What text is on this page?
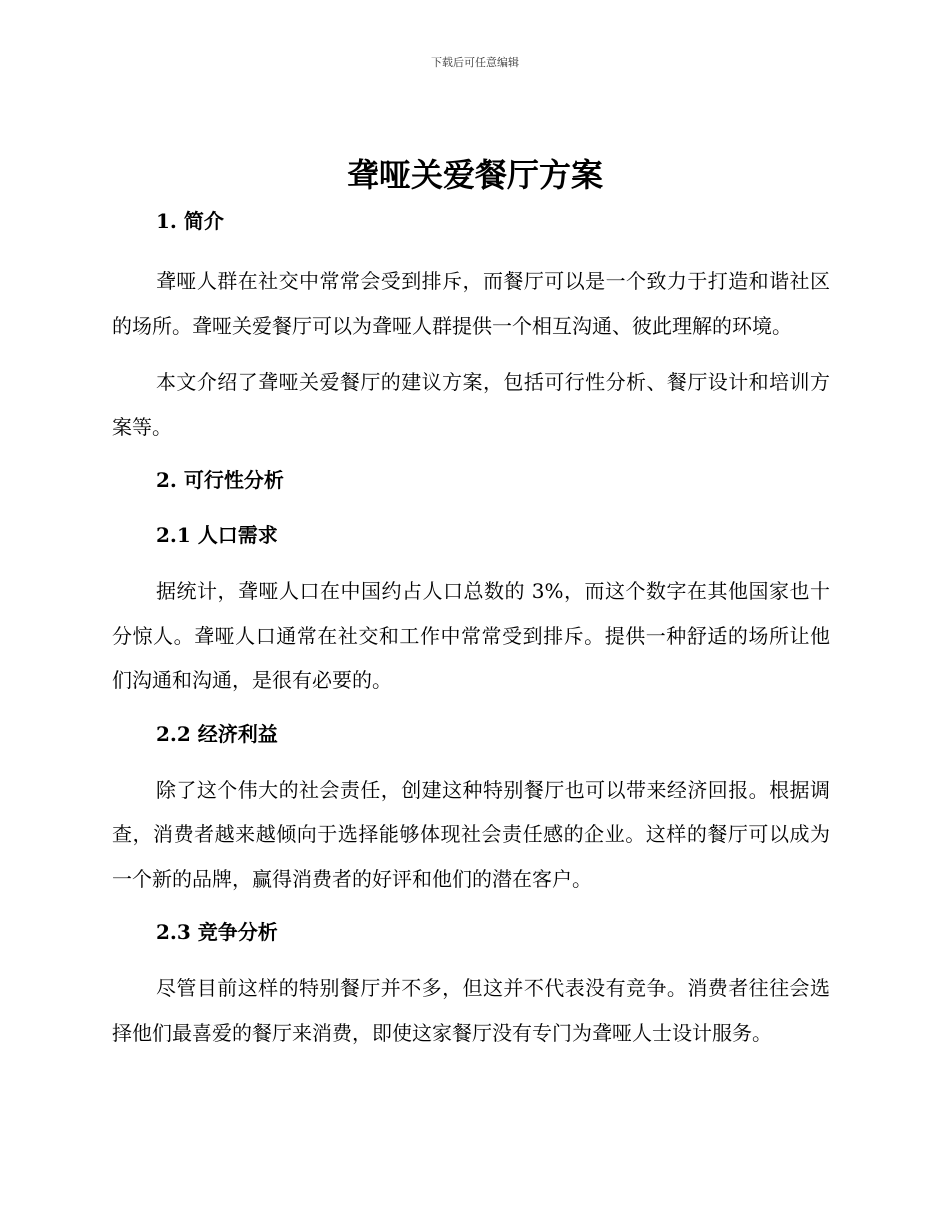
下载后可任意编辑
聋哑关爱餐厅方案
1. 简介

聋哑人群在社交中常常会受到排斥，而餐厅可以是一个致力于打造和谐社区的场所。聋哑关爱餐厅可以为聋哑人群提供一个相互沟通、彼此理解的环境。

本文介绍了聋哑关爱餐厅的建议方案，包括可行性分析、餐厅设计和培训方案等。

2. 可行性分析
2.1 人口需求

据统计，聋哑人口在中国约占人口总数的 3%，而这个数字在其他国家也十分惊人。聋哑人口通常在社交和工作中常常受到排斥。提供一种舒适的场所让他们沟通和沟通，是很有必要的。

2.2 经济利益

除了这个伟大的社会责任，创建这种特别餐厅也可以带来经济回报。根据调查，消费者越来越倾向于选择能够体现社会责任感的企业。这样的餐厅可以成为一个新的品牌，赢得消费者的好评和他们的潜在客户。

2.3 竞争分析

尽管目前这样的特别餐厅并不多，但这并不代表没有竞争。消费者往往会选择他们最喜爱的餐厅来消费，即使这家餐厅没有专门为聋哑人士设计服务。
